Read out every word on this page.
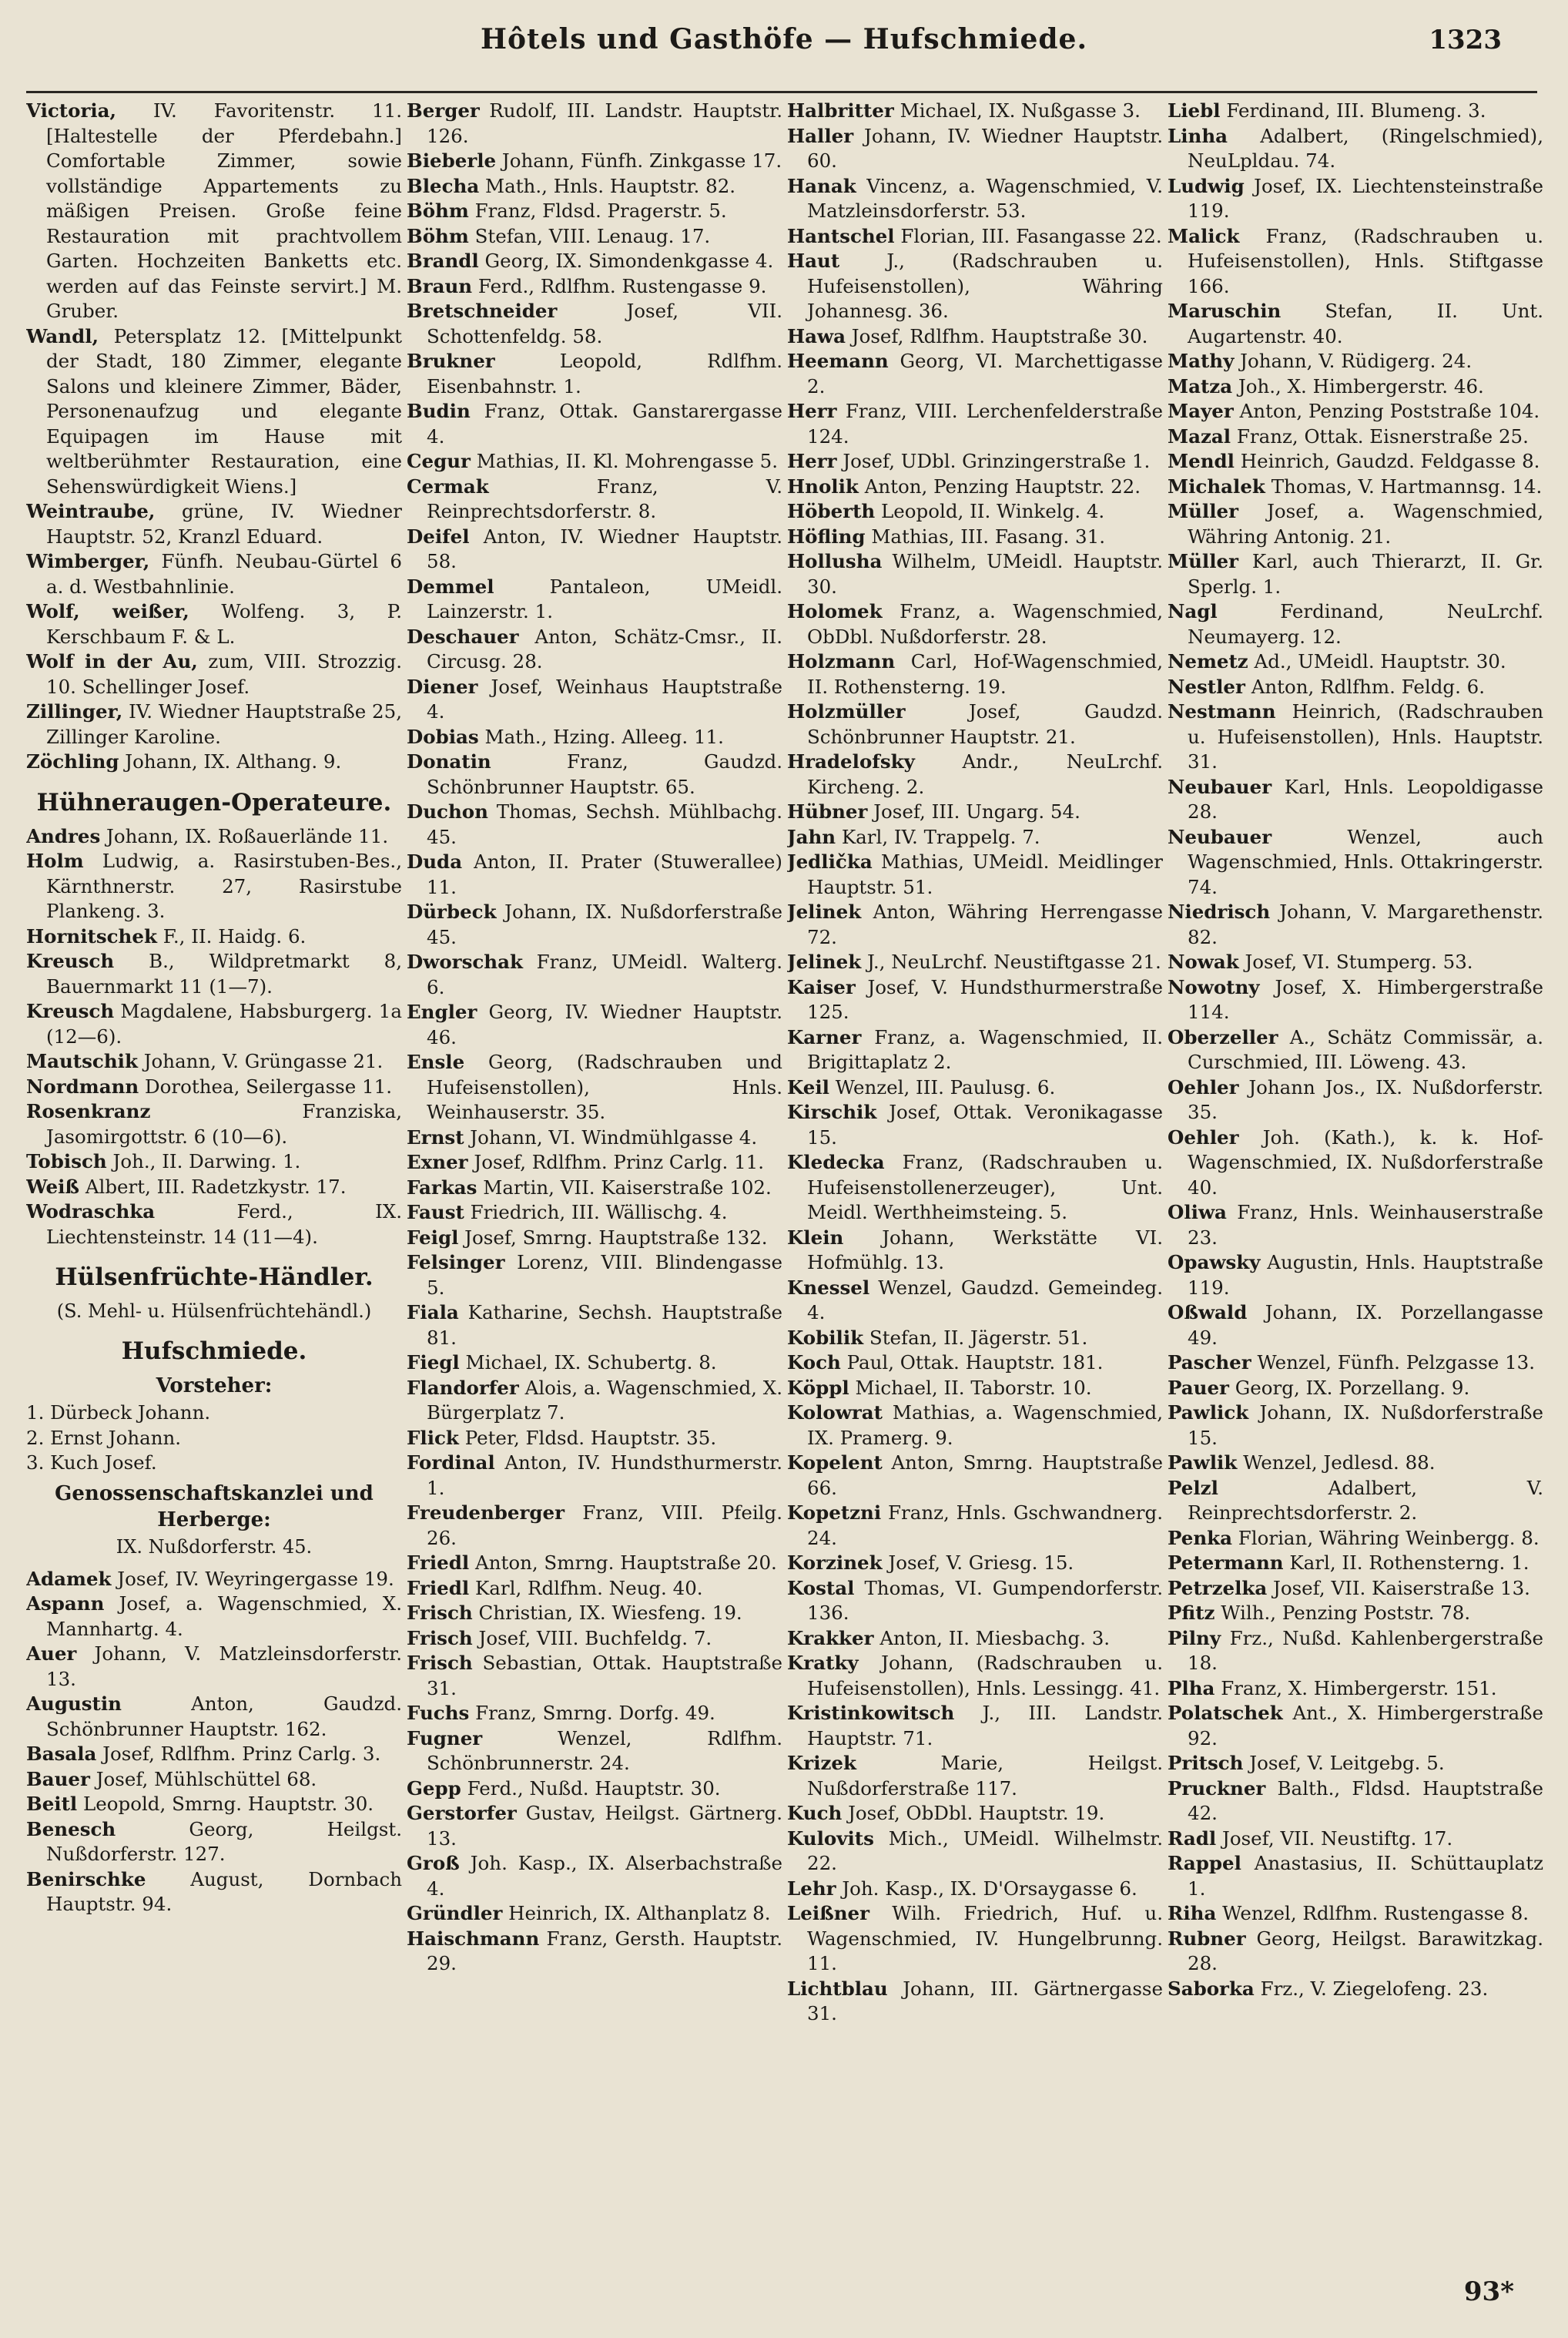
Hôtels und Gasthöfe — Hufschmiede.	1323

Victoria, IV. Favoritenstr. 11. [Haltestelle der Pferdebahn.] Comfortable Zimmer, sowie vollständige Appartements zu mäßigen Preisen. Große feine Restauration mit prachtvollem Garten. Hochzeiten Banketts etc. werden auf das Feinste servirt.] M. Gruber.

Wandl, Petersplatz 12. [Mittelpunkt der Stadt, 180 Zimmer, elegante Salons und kleinere Zimmer, Bäder, Personenaufzug und elegante Equipagen im Hause mit weltberühmter Restauration, eine Sehenswürdigkeit Wiens.]

Weintraube, grüne, IV. Wiedner Hauptstr. 52, Kranzl Eduard.

Wimberger, Fünfh. Neubau-Gürtel 6 a. d. Westbahnlinie.

Wolf, weißer, Wolfeng. 3, P. Kerschbaum F. & L.

Wolf in der Au, zum, VIII. Strozzig. 10. Schellinger Josef.

Zillinger, IV. Wiedner Hauptstraße 25, Zillinger Karoline.

Zöchling Johann, IX. Althang. 9.

Hühneraugen-Operateure.

Andres Johann, IX. Roßauerlände 11.

Holm Ludwig, a. Rasirstuben-Bes., Kärnthnerstr. 27, Rasirstube Plankeng. 3.

Hornitschek F., II. Haidg. 6.

Kreusch B., Wildpretmarkt 8, Bauernmarkt 11 (1—7).

Kreusch Magdalene, Habsburgerg. 1a (12—6).

Mautschik Johann, V. Grüngasse 21.

Nordmann Dorothea, Seilergasse 11.

Rosenkranz Franziska, Jasomirgottstr. 6 (10—6).

Tobisch Joh., II. Darwing. 1.

Weiß Albert, III. Radetzkystr. 17.

Wodraschka Ferd., IX. Liechtensteinstr. 14 (11—4).

Hülsenfrüchte-Händler.

(S. Mehl- u. Hülsenfrüchtehändl.)

Hufschmiede.

Vorsteher:

1. Dürbeck Johann.

2. Ernst Johann.

3. Kuch Josef.

Genossenschaftskanzlei und Herberge:

IX. Nußdorferstr. 45.

Adamek Josef, IV. Weyringergasse 19.

Aspann Josef, a. Wagenschmied, X. Mannhartg. 4.

Auer Johann, V. Matzleinsdorferstr. 13.

Augustin Anton, Gaudzd. Schönbrunner Hauptstr. 162.

Basala Josef, Rdlfhm. Prinz Carlg. 3.

Bauer Josef, Mühlschüttel 68.

Beitl Leopold, Smrng. Hauptstr. 30.

Benesch Georg, Heilgst. Nußdorferstr. 127.

Benirschke August, Dornbach Hauptstr. 94.

Berger Rudolf, III. Landstr. Hauptstr. 126.

Bieberle Johann, Fünfh. Zinkgasse 17.

Blecha Math., Hnls. Hauptstr. 82.

Böhm Franz, Fldsd. Pragerstr. 5.

Böhm Stefan, VIII. Lenaug. 17.

Brandl Georg, IX. Simondenkgasse 4.

Braun Ferd., Rdlfhm. Rustengasse 9.

Bretschneider Josef, VII. Schottenfeldg. 58.

Brukner Leopold, Rdlfhm. Eisenbahnstr. 1.

Budin Franz, Ottak. Ganstarergasse 4.

Cegur Mathias, II. Kl. Mohrengasse 5.

Cermak Franz, V. Reinprechtsdorferstr. 8.

Deifel Anton, IV. Wiedner Hauptstr. 58.

Demmel Pantaleon, UMeidl. Lainzerstr. 1.

Deschauer Anton, Schätz-Cmsr., II. Circusg. 28.

Diener Josef, Weinhaus Hauptstraße 4.

Dobias Math., Hzing. Alleeg. 11.

Donatin Franz, Gaudzd. Schönbrunner Hauptstr. 65.

Duchon Thomas, Sechsh. Mühlbachg. 45.

Duda Anton, II. Prater (Stuwerallee) 11.

Dürbeck Johann, IX. Nußdorferstraße 45.

Dworschak Franz, UMeidl. Walterg. 6.

Engler Georg, IV. Wiedner Hauptstr. 46.

Ensle Georg, (Radschrauben und Hufeisenstollen), Hnls. Weinhauserstr. 35.

Ernst Johann, VI. Windmühlgasse 4.

Exner Josef, Rdlfhm. Prinz Carlg. 11.

Farkas Martin, VII. Kaiserstraße 102.

Faust Friedrich, III. Wällischg. 4.

Feigl Josef, Smrng. Hauptstraße 132.

Felsinger Lorenz, VIII. Blindengasse 5.

Fiala Katharine, Sechsh. Hauptstraße 81.

Fiegl Michael, IX. Schubertg. 8.

Flandorfer Alois, a. Wagenschmied, X. Bürgerplatz 7.

Flick Peter, Fldsd. Hauptstr. 35.

Fordinal Anton, IV. Hundsthurmerstr. 1.

Freudenberger Franz, VIII. Pfeilg. 26.

Friedl Anton, Smrng. Hauptstraße 20.

Friedl Karl, Rdlfhm. Neug. 40.

Frisch Christian, IX. Wiesfeng. 19.

Frisch Josef, VIII. Buchfeldg. 7.

Frisch Sebastian, Ottak. Hauptstraße 31.

Fuchs Franz, Smrng. Dorfg. 49.

Fugner Wenzel, Rdlfhm. Schönbrunnerstr. 24.

Gepp Ferd., Nußd. Hauptstr. 30.

Gerstorfer Gustav, Heilgst. Gärtnerg. 13.

Groß Joh. Kasp., IX. Alserbachstraße 4.

Gründler Heinrich, IX. Althanplatz 8.

Haischmann Franz, Gersth. Hauptstr. 29.

Halbritter Michael, IX. Nußgasse 3.

Haller Johann, IV. Wiedner Hauptstr. 60.

Hanak Vincenz, a. Wagenschmied, V. Matzleinsdorferstr. 53.

Hantschel Florian, III. Fasangasse 22.

Haut J., (Radschrauben u. Hufeisenstollen), Währing Johannesg. 36.

Hawa Josef, Rdlfhm. Hauptstraße 30.

Heemann Georg, VI. Marchettigasse 2.

Herr Franz, VIII. Lerchenfelderstraße 124.

Herr Josef, UDbl. Grinzingerstraße 1.

Hnolik Anton, Penzing Hauptstr. 22.

Höberth Leopold, II. Winkelg. 4.

Höfling Mathias, III. Fasang. 31.

Hollusha Wilhelm, UMeidl. Hauptstr. 30.

Holomek Franz, a. Wagenschmied, ObDbl. Nußdorferstr. 28.

Holzmann Carl, Hof-Wagenschmied, II. Rothensterng. 19.

Holzmüller Josef, Gaudzd. Schönbrunner Hauptstr. 21.

Hradelofsky Andr., NeuLrchf. Kircheng. 2.

Hübner Josef, III. Ungarg. 54.

Jahn Karl, IV. Trappelg. 7.

Jedlička Mathias, UMeidl. Meidlinger Hauptstr. 51.

Jelinek Anton, Währing Herrengasse 72.

Jelinek J., NeuLrchf. Neustiftgasse 21.

Kaiser Josef, V. Hundsthurmerstraße 125.

Karner Franz, a. Wagenschmied, II. Brigittaplatz 2.

Keil Wenzel, III. Paulusg. 6.

Kirschik Josef, Ottak. Veronikagasse 15.

Kledecka Franz, (Radschrauben u. Hufeisenstollenerzeuger), Unt. Meidl. Werthheimsteing. 5.

Klein Johann, Werkstätte VI. Hofmühlg. 13.

Knessel Wenzel, Gaudzd. Gemeindeg. 4.

Kobilik Stefan, II. Jägerstr. 51.

Koch Paul, Ottak. Hauptstr. 181.

Köppl Michael, II. Taborstr. 10.

Kolowrat Mathias, a. Wagenschmied, IX. Pramerg. 9.

Kopelent Anton, Smrng. Hauptstraße 66.

Kopetzni Franz, Hnls. Gschwandnerg. 24.

Korzinek Josef, V. Griesg. 15.

Kostal Thomas, VI. Gumpendorferstr. 136.

Krakker Anton, II. Miesbachg. 3.

Kratky Johann, (Radschrauben u. Hufeisenstollen), Hnls. Lessingg. 41.

Kristinkowitsch J., III. Landstr. Hauptstr. 71.

Krizek Marie, Heilgst. Nußdorferstraße 117.

Kuch Josef, ObDbl. Hauptstr. 19.

Kulovits Mich., UMeidl. Wilhelmstr. 22.

Lehr Joh. Kasp., IX. D'Orsaygasse 6.

Leißner Wilh. Friedrich, Huf. u. Wagenschmied, IV. Hungelbrunng. 11.

Lichtblau Johann, III. Gärtnergasse 31.

Liebl Ferdinand, III. Blumeng. 3.

Linha Adalbert, (Ringelschmied), NeuLpldau. 74.

Ludwig Josef, IX. Liechtensteinstraße 119.

Malick Franz, (Radschrauben u. Hufeisenstollen), Hnls. Stiftgasse 166.

Maruschin Stefan, II. Unt. Augartenstr. 40.

Mathy Johann, V. Rüdigerg. 24.

Matza Joh., X. Himbergerstr. 46.

Mayer Anton, Penzing Poststraße 104.

Mazal Franz, Ottak. Eisnerstraße 25.

Mendl Heinrich, Gaudzd. Feldgasse 8.

Michalek Thomas, V. Hartmannsg. 14.

Müller Josef, a. Wagenschmied, Währing Antonig. 21.

Müller Karl, auch Thierarzt, II. Gr. Sperlg. 1.

Nagl Ferdinand, NeuLrchf. Neumayerg. 12.

Nemetz Ad., UMeidl. Hauptstr. 30.

Nestler Anton, Rdlfhm. Feldg. 6.

Nestmann Heinrich, (Radschrauben u. Hufeisenstollen), Hnls. Hauptstr. 31.

Neubauer Karl, Hnls. Leopoldigasse 28.

Neubauer Wenzel, auch Wagenschmied, Hnls. Ottakringerstr. 74.

Niedrisch Johann, V. Margarethenstr. 82.

Nowak Josef, VI. Stumperg. 53.

Nowotny Josef, X. Himbergerstraße 114.

Oberzeller A., Schätz Commissär, a. Curschmied, III. Löweng. 43.

Oehler Johann Jos., IX. Nußdorferstr. 35.

Oehler Joh. (Kath.), k. k. Hof-Wagenschmied, IX. Nußdorferstraße 40.

Oliwa Franz, Hnls. Weinhauserstraße 23.

Opawsky Augustin, Hnls. Hauptstraße 119.

Oßwald Johann, IX. Porzellangasse 49.

Pascher Wenzel, Fünfh. Pelzgasse 13.

Pauer Georg, IX. Porzellang. 9.

Pawlick Johann, IX. Nußdorferstraße 15.

Pawlik Wenzel, Jedlesd. 88.

Pelzl Adalbert, V. Reinprechtsdorferstr. 2.

Penka Florian, Währing Weinbergg. 8.

Petermann Karl, II. Rothensterng. 1.

Petrzelka Josef, VII. Kaiserstraße 13.

Pfitz Wilh., Penzing Poststr. 78.

Pilny Frz., Nußd. Kahlenbergerstraße 18.

Plha Franz, X. Himbergerstr. 151.

Polatschek Ant., X. Himbergerstraße 92.

Pritsch Josef, V. Leitgebg. 5.

Pruckner Balth., Fldsd. Hauptstraße 42.

Radl Josef, VII. Neustiftg. 17.

Rappel Anastasius, II. Schüttauplatz 1.

Riha Wenzel, Rdlfhm. Rustengasse 8.

Rubner Georg, Heilgst. Barawitzkag. 28.

Saborka Frz., V. Ziegelofeng. 23.

93*
